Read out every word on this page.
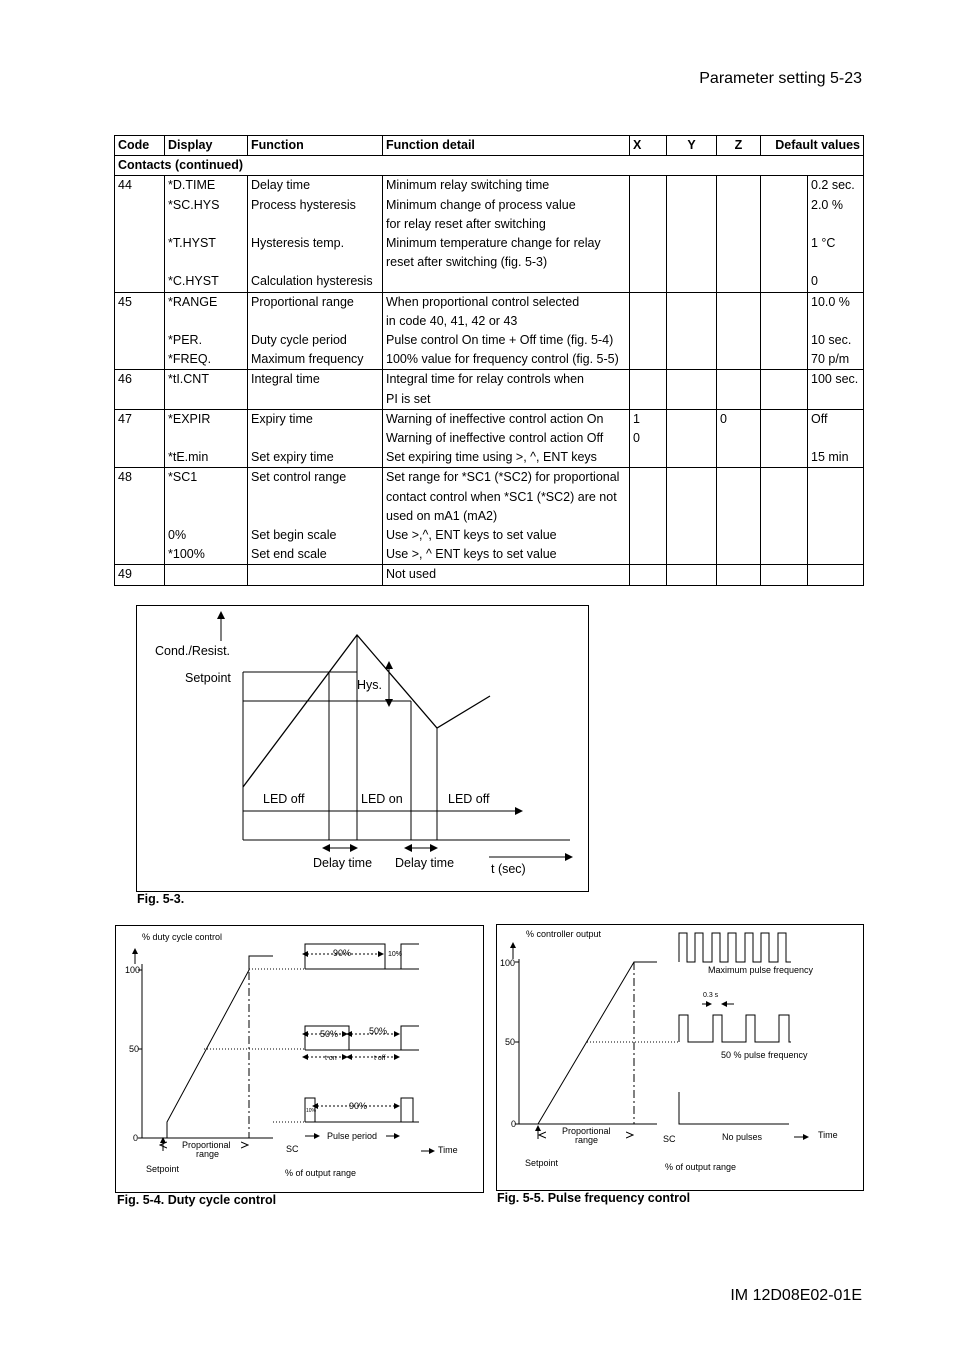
Parameter setting 5-23
Code	Display	Function	Function detail	X	Y	Z	Default values	
Contacts (continued)								
44	*D.TIME	Delay time	Minimum relay switching time					0.2 sec.
	*SC.HYS	Process hysteresis	Minimum change of process value					2.0 %
			for relay reset after switching					
	*T.HYST	Hysteresis temp.	Minimum temperature change for relay					1 °C
			reset after switching (fig. 5-3)					
	*C.HYST	Calculation hysteresis						0
45	*RANGE	Proportional range	When proportional control selected					10.0 %
			in code 40, 41, 42 or 43					
	*PER.	Duty cycle period	Pulse control On time + Off time (fig. 5-4)					10 sec.
	*FREQ.	Maximum frequency	100% value for frequency control (fig. 5-5)					70 p/m
46	*tI.CNT	Integral time	Integral time for relay controls when					100 sec.
			PI is set					
47	*EXPIR	Expiry time	Warning of ineffective control action On	1		0		Off
			Warning of ineffective control action Off	0				
	*tE.min	Set expiry time	Set expiring time using >, ^, ENT keys					15 min
48	*SC1	Set control range	Set range for *SC1 (*SC2) for proportional					
			contact control when *SC1 (*SC2) are not					
			used on mA1 (mA2)					
	0%	Set begin scale	Use >,^, ENT keys to set value					
	*100%	Set end scale	Use >, ^ ENT keys to set value					
49			Not used					
Cond./Resist.
Setpoint	Hys.
LED off	LED on	LED off
Delay time Delay time	t (sec)
Fig. 5-3.
% duty cycle control
100
50
0
90%	10%
50%	50%
t on	t off
10%	90%
Proportional
range	SC
Pulse period
Time
Setpoint	% of output range
Fig. 5-4. Duty cycle control
% controller output
100
50
0
Maximum pulse frequency
0.3 s
50 % pulse frequency
Proportional
range	SC	No pulses	Time
Setpoint	% of output range
Fig. 5-5. Pulse frequency control
IM 12D08E02-01E
